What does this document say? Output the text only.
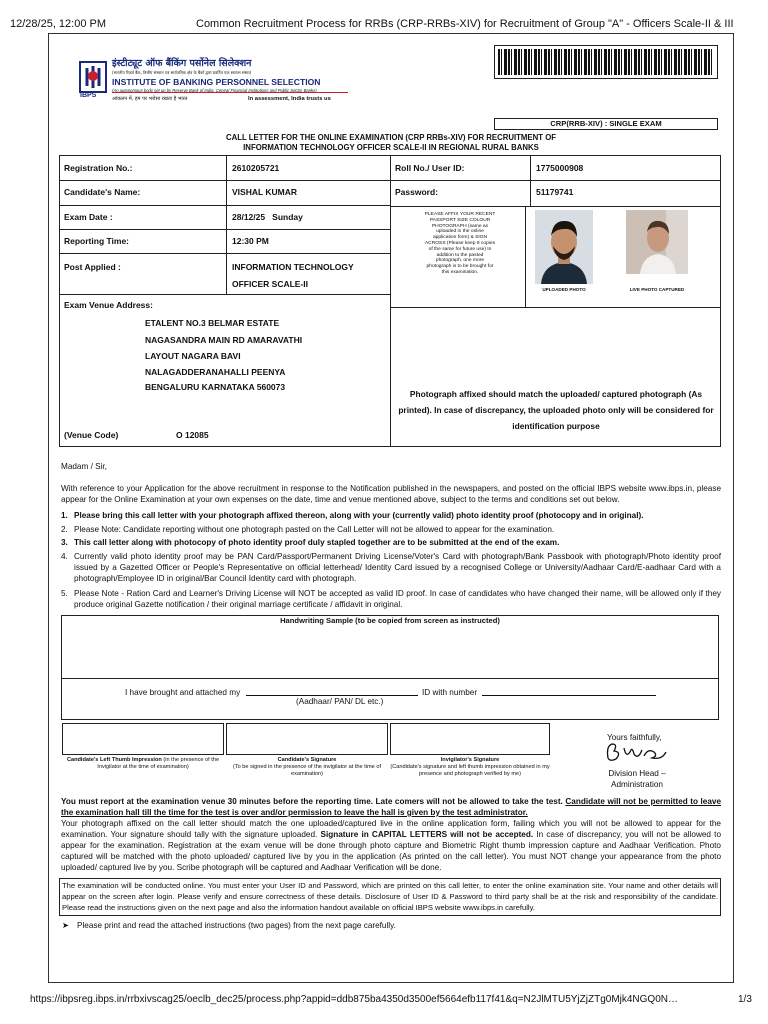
12/28/25, 12:00 PM	Common Recruitment Process for RRBs (CRP-RRBs-XIV) for Recruitment of Group "A" - Officers Scale-II & III
IBPS
इंस्टीट्यूट ऑफ बैंकिंग पर्सोनेल सिलेक्शन
(भारतीय रिज़र्व बैंक, वित्तीय संस्थान एवं सार्वजनिक क्षेत्र के बैंकों द्वारा प्रवर्तित एक स्वायत्त संस्था)
INSTITUTE OF BANKING PERSONNEL SELECTION
(An autonomous body set up by Reserve Bank of India, Central Financial Institutions and Public Sector Banks)
आंकलन में, हम पर भरोसा रखता है भारत	In assessment, India trusts us
CRP(RRB-XIV) : SINGLE EXAM
CALL LETTER FOR THE ONLINE EXAMINATION (CRP RRBs-XIV) FOR RECRUITMENT OF
INFORMATION TECHNOLOGY OFFICER SCALE-II IN REGIONAL RURAL BANKS
Registration No.:	2610205721	Roll No./ User ID:	1775000908
Candidate's Name:	VISHAL KUMAR	Password:	51179741
Exam Date :	28/12/25   Sunday
Reporting Time:	12:30 PM
Post Applied :	INFORMATION TECHNOLOGY
OFFICER SCALE-II
PLEASE AFFIX YOUR RECENT PASSPORT SIZE COLOUR PHOTOGRAPH (same as uploaded in the online application form) & SIGN ACROSS (Please keep 8 copies of the same for future use) In addition to the pasted photograph, one more photograph is to be brought for this examination.
UPLOADED PHOTO	LIVE PHOTO CAPTURED
Exam Venue Address:
ETALENT NO.3 BELMAR ESTATE
NAGASANDRA MAIN RD AMARAVATHI
LAYOUT NAGARA BAVI
NALAGADDERANAHALLI PEENYA
BENGALURU KARNATAKA 560073
(Venue Code)	O 12085
Photograph affixed should match the uploaded/ captured photograph (As printed). In case of discrepancy, the uploaded photo only will be considered for identification purpose
Madam / Sir,
With reference to your Application for the above recruitment in response to the Notification published in the newspapers, and posted on the official IBPS website www.ibps.in, please appear for the Online Examination at your own expenses on the date, time and venue mentioned above, subject to the terms and conditions set out below.
1. Please bring this call letter with your photograph affixed thereon, along with your (currently valid) photo identity proof (photocopy and in original).
2. Please Note: Candidate reporting without one photograph pasted on the Call Letter will not be allowed to appear for the examination.
3. This call letter along with photocopy of photo identity proof duly stapled together are to be submitted at the end of the exam.
4. Currently valid photo identity proof may be PAN Card/Passport/Permanent Driving License/Voter's Card with photograph/Bank Passbook with photograph/Photo identity proof issued by a Gazetted Officer or People's Representative on official letterhead/ Identity Card issued by a recognised College or University/Aadhaar Card/E-aadhaar Card with a photograph/Employee ID in original/Bar Council Identity card with photograph.
5. Please Note - Ration Card and Learner's Driving License will NOT be accepted as valid ID proof. In case of candidates who have changed their name, will be allowed only if they produce original Gazette notification / their original marriage certificate / affidavit in original.
Handwriting Sample (to be copied from screen as instructed)
I have brought and attached my	ID with number
(Aadhaar/ PAN/ DL etc.)
Candidate's Left Thumb Impression (in the presence of the Invigilator at the time of examination)
Candidate's Signature
(To be signed in the presence of the invigilator at the time of examination)
Invigilator's Signature
(Candidate's signature and left thumb impression obtained in my presence and photograph verified by me)
Yours faithfully,
Division Head –
Administration
You must report at the examination venue 30 minutes before the reporting time. Late comers will not be allowed to take the test. Candidate will not be permitted to leave the examination hall till the time for the test is over and/or permission to leave the hall is given by the test administrator.
Your photograph affixed on the call letter should match the one uploaded/captured live in the online application form, failing which you will not be allowed to appear for the examination. Your signature should tally with the signature uploaded. Signature in CAPITAL LETTERS will not be accepted. In case of discrepancy, you will not be allowed to appear for the examination. Registration at the exam venue will be done through photo capture and Biometric Right thumb impression capture and Aadhaar Verification. Photo captured will be matched with the photo uploaded/ captured live by you in the application (As printed on the call letter). You must NOT change your appearance from the photo uploaded/ captured live by you. Scribe photograph will be captured and Aadhaar Verification will be done.
The examination will be conducted online. You must enter your User ID and Password, which are printed on this call letter, to enter the online examination site. Your name and other details will appear on the screen after login. Please verify and ensure correctness of these details. Disclosure of User ID & Password to third party shall be at the risk and responsibility of the candidate. Please read the instructions given on the next page and also the information handout available on official IBPS website www.ibps.in carefully.
➤ Please print and read the attached instructions (two pages) from the next page carefully.
https://ibpsreg.ibps.in/rrbxivscag25/oeclb_dec25/process.php?appid=ddb875ba4350d3500ef5664efb117f41&q=N2JlMTU5YjZjZTg0Mjk4NGQ0N…	1/3
